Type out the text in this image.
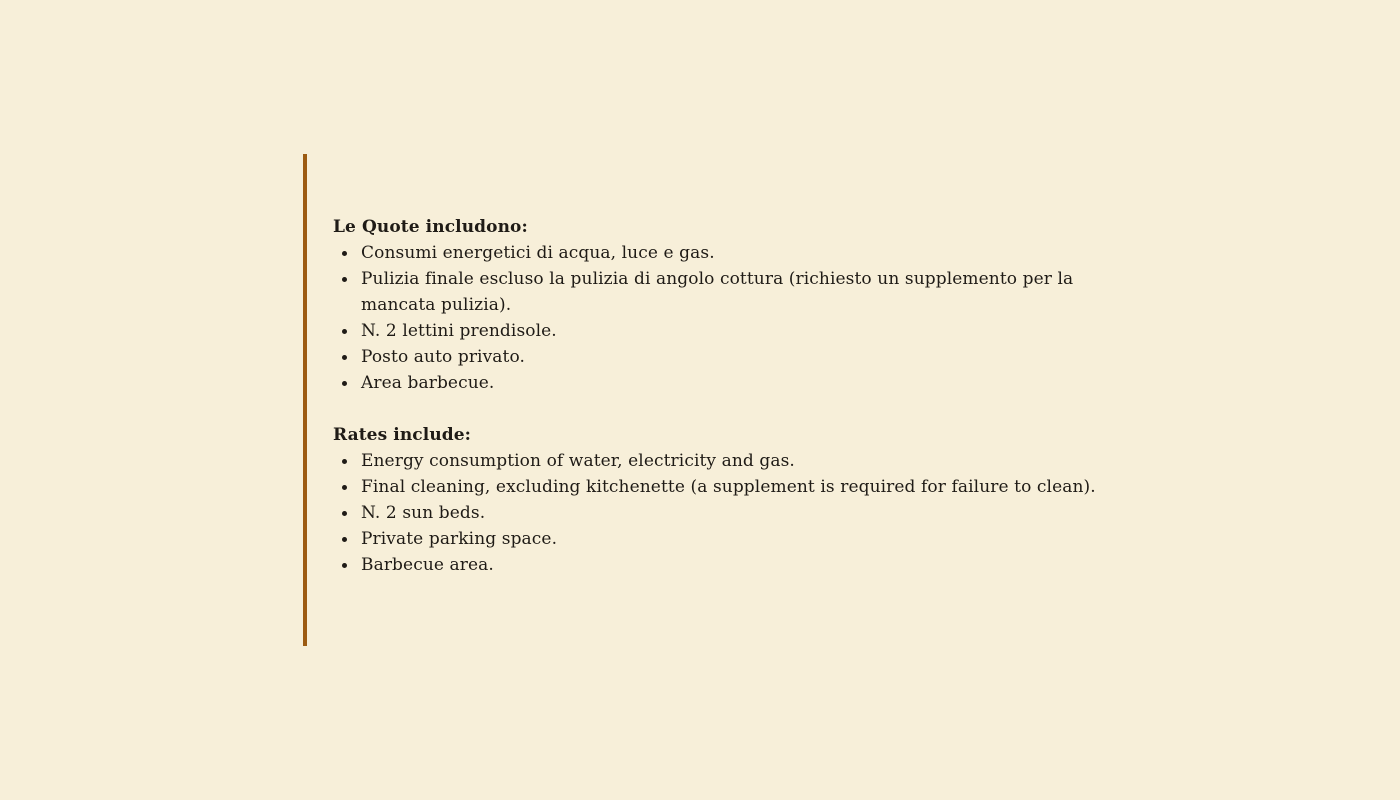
Le Quote includono:
Consumi energetici di acqua, luce e gas.
Pulizia finale escluso la pulizia di angolo cottura (richiesto un supplemento per la mancata pulizia).
N. 2 lettini prendisole.
Posto auto privato.
Area barbecue.
Rates include:
Energy consumption of water, electricity and gas.
Final cleaning, excluding kitchenette (a supplement is required for failure to clean).
N. 2 sun beds.
Private parking space.
Barbecue area.
